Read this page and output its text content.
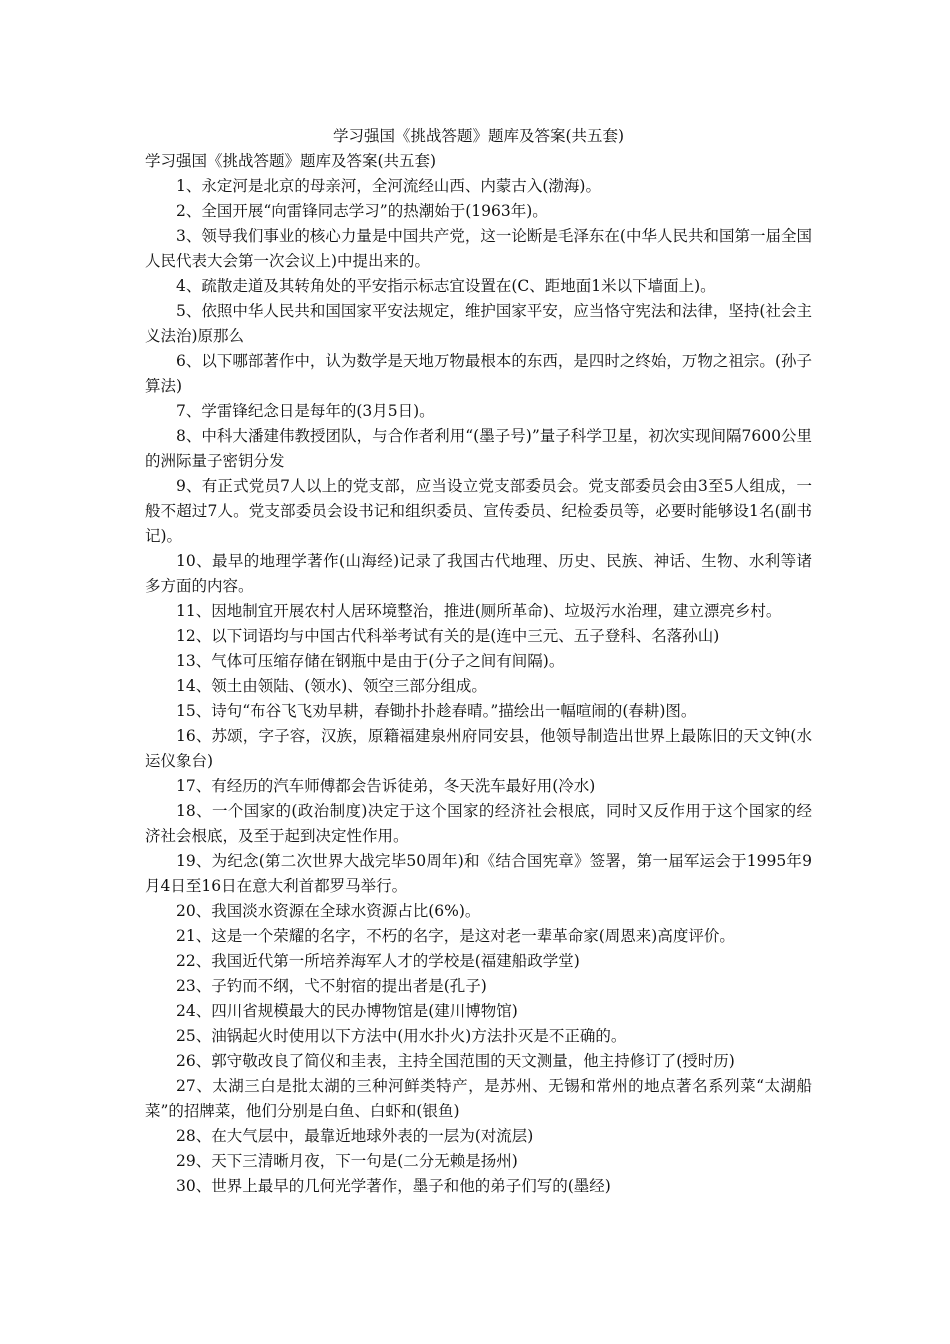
学习强国《挑战答题》题库及答案(共五套)

学习强国《挑战答题》题库及答案(共五套)

1、永定河是北京的母亲河，全河流经山西、内蒙古入(渤海)。

2、全国开展“向雷锋同志学习”的热潮始于(1963年)。

3、领导我们事业的核心力量是中国共产党，这一论断是毛泽东在(中华人民共和国第一届全国人民代表大会第一次会议上)中提出来的。

4、疏散走道及其转角处的平安指示标志宜设置在(C、距地面1米以下墙面上)。

5、依照中华人民共和国国家平安法规定，维护国家平安，应当恪守宪法和法律，坚持(社会主义法治)原那么

6、以下哪部著作中，认为数学是天地万物最根本的东西，是四时之终始，万物之祖宗。(孙子算法)

7、学雷锋纪念日是每年的(3月5日)。

8、中科大潘建伟教授团队，与合作者利用“(墨子号)”量子科学卫星，初次实现间隔7600公里的洲际量子密钥分发

9、有正式党员7人以上的党支部，应当设立党支部委员会。党支部委员会由3至5人组成，一般不超过7人。党支部委员会设书记和组织委员、宣传委员、纪检委员等，必要时能够设1名(副书记)。

10、最早的地理学著作(山海经)记录了我国古代地理、历史、民族、神话、生物、水利等诸多方面的内容。

11、因地制宜开展农村人居环境整治，推进(厕所革命)、垃圾污水治理，建立漂亮乡村。

12、以下词语均与中国古代科举考试有关的是(连中三元、五子登科、名落孙山)

13、气体可压缩存储在钢瓶中是由于(分子之间有间隔)。

14、领土由领陆、(领水)、领空三部分组成。

15、诗句“布谷飞飞劝早耕，春锄扑扑趁春晴。”描绘出一幅喧闹的(春耕)图。

16、苏颂，字子容，汉族，原籍福建泉州府同安县，他领导制造出世界上最陈旧的天文钟(水运仪象台)

17、有经历的汽车师傅都会告诉徒弟，冬天洗车最好用(冷水)

18、一个国家的(政治制度)决定于这个国家的经济社会根底，同时又反作用于这个国家的经济社会根底，及至于起到决定性作用。

19、为纪念(第二次世界大战完毕50周年)和《结合国宪章》签署，第一届军运会于1995年9月4日至16日在意大利首都罗马举行。

20、我国淡水资源在全球水资源占比(6%)。

21、这是一个荣耀的名字，不朽的名字，是这对老一辈革命家(周恩来)高度评价。

22、我国近代第一所培养海军人才的学校是(福建船政学堂)

23、子钓而不纲，弋不射宿的提出者是(孔子)

24、四川省规模最大的民办博物馆是(建川博物馆)

25、油锅起火时使用以下方法中(用水扑火)方法扑灭是不正确的。

26、郭守敬改良了简仪和圭表，主持全国范围的天文测量，他主持修订了(授时历)

27、太湖三白是批太湖的三种河鲜类特产，是苏州、无锡和常州的地点著名系列菜“太湖船菜”的招牌菜，他们分别是白鱼、白虾和(银鱼)

28、在大气层中，最靠近地球外表的一层为(对流层)

29、天下三清晰月夜，下一句是(二分无赖是扬州)

30、世界上最早的几何光学著作，墨子和他的弟子们写的(墨经)
